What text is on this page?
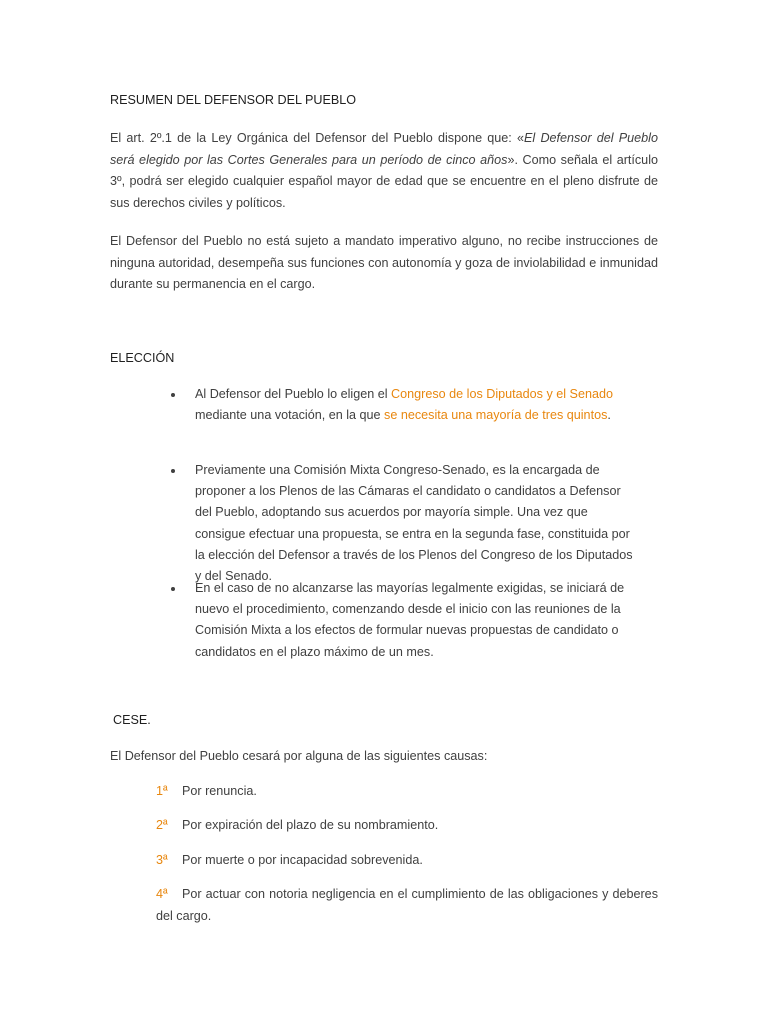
RESUMEN DEL DEFENSOR DEL PUEBLO
El art. 2º.1 de la Ley Orgánica del Defensor del Pueblo dispone que: «El Defensor del Pueblo será elegido por las Cortes Generales para un período de cinco años». Como señala el artículo 3º, podrá ser elegido cualquier español mayor de edad que se encuentre en el pleno disfrute de sus derechos civiles y políticos.
El Defensor del Pueblo no está sujeto a mandato imperativo alguno, no recibe instrucciones de ninguna autoridad, desempeña sus funciones con autonomía y goza de inviolabilidad e inmunidad durante su permanencia en el cargo.
ELECCIÓN
Al Defensor del Pueblo lo eligen el Congreso de los Diputados y el Senado mediante una votación, en la que se necesita una mayoría de tres quintos.
Previamente una Comisión Mixta Congreso-Senado, es la encargada de proponer a los Plenos de las Cámaras el candidato o candidatos a Defensor del Pueblo, adoptando sus acuerdos por mayoría simple. Una vez que consigue efectuar una propuesta, se entra en la segunda fase, constituida por la elección del Defensor a través de los Plenos del Congreso de los Diputados y del Senado.
En el caso de no alcanzarse las mayorías legalmente exigidas, se iniciará de nuevo el procedimiento, comenzando desde el inicio con las reuniones de la Comisión Mixta a los efectos de formular nuevas propuestas de candidato o candidatos en el plazo máximo de un mes.
CESE.
El Defensor del Pueblo cesará por alguna de las siguientes causas:
1ª Por renuncia.
2ª Por expiración del plazo de su nombramiento.
3ª Por muerte o por incapacidad sobrevenida.
4ª Por actuar con notoria negligencia en el cumplimiento de las obligaciones y deberes del cargo.
